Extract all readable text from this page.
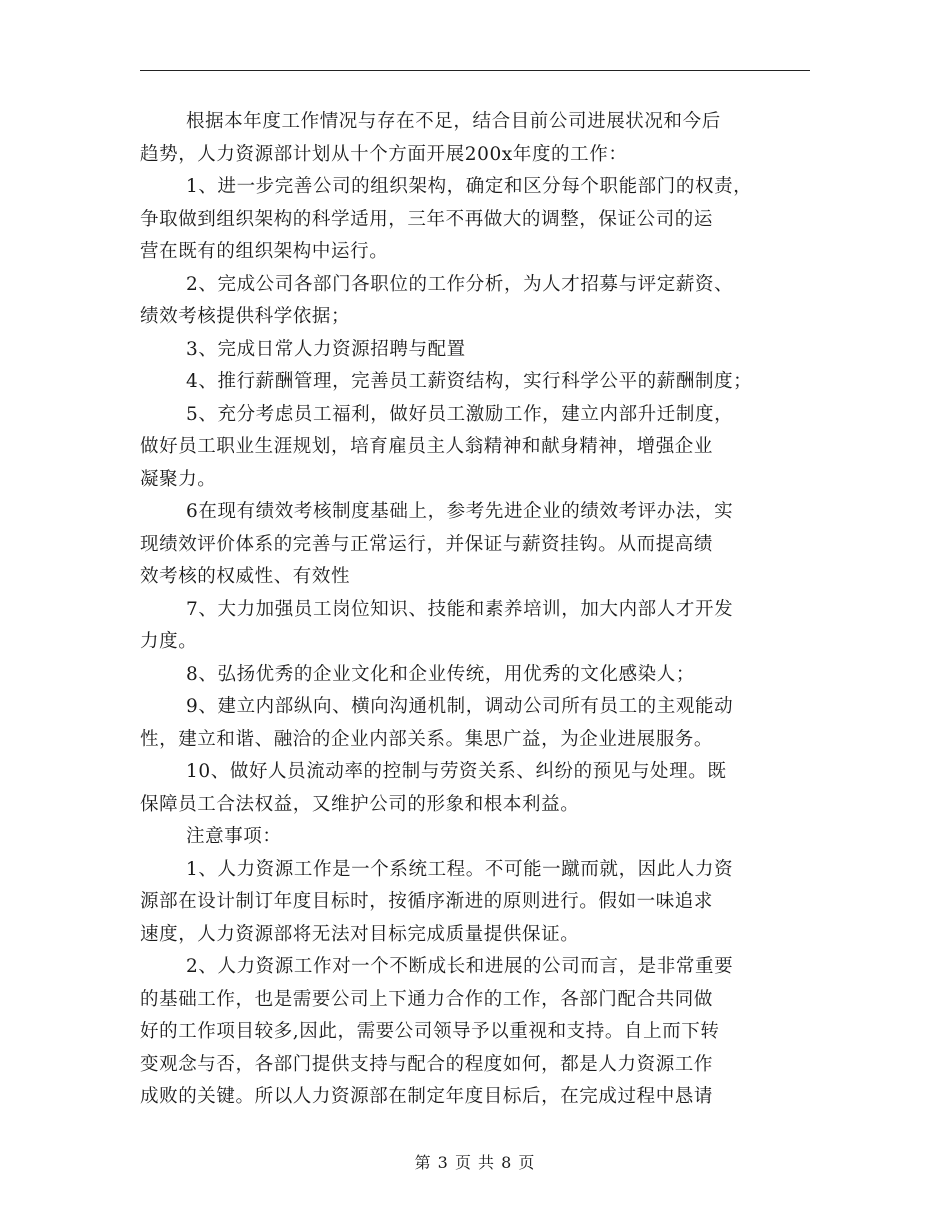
根据本年度工作情况与存在不足，结合目前公司进展状况和今后
趋势，人力资源部计划从十个方面开展200x年度的工作：
1、进一步完善公司的组织架构，确定和区分每个职能部门的权责，
争取做到组织架构的科学适用，三年不再做大的调整，保证公司的运
营在既有的组织架构中运行。
2、完成公司各部门各职位的工作分析，为人才招募与评定薪资、
绩效考核提供科学依据；
3、完成日常人力资源招聘与配置
4、推行薪酬管理，完善员工薪资结构，实行科学公平的薪酬制度；
5、充分考虑员工福利，做好员工激励工作，建立内部升迁制度，
做好员工职业生涯规划，培育雇员主人翁精神和献身精神，增强企业
凝聚力。
6在现有绩效考核制度基础上，参考先进企业的绩效考评办法，实
现绩效评价体系的完善与正常运行，并保证与薪资挂钩。从而提高绩
效考核的权威性、有效性
7、大力加强员工岗位知识、技能和素养培训，加大内部人才开发
力度。
8、弘扬优秀的企业文化和企业传统，用优秀的文化感染人；
9、建立内部纵向、横向沟通机制，调动公司所有员工的主观能动
性，建立和谐、融洽的企业内部关系。集思广益，为企业进展服务。
10、做好人员流动率的控制与劳资关系、纠纷的预见与处理。既
保障员工合法权益，又维护公司的形象和根本利益。
注意事项：
1、人力资源工作是一个系统工程。不可能一蹴而就，因此人力资
源部在设计制订年度目标时，按循序渐进的原则进行。假如一味追求
速度，人力资源部将无法对目标完成质量提供保证。
2、人力资源工作对一个不断成长和进展的公司而言，是非常重要
的基础工作，也是需要公司上下通力合作的工作，各部门配合共同做
好的工作项目较多,因此，需要公司领导予以重视和支持。自上而下转
变观念与否，各部门提供支持与配合的程度如何，都是人力资源工作
成败的关键。所以人力资源部在制定年度目标后，在完成过程中恳请
第 3 页 共 8 页
